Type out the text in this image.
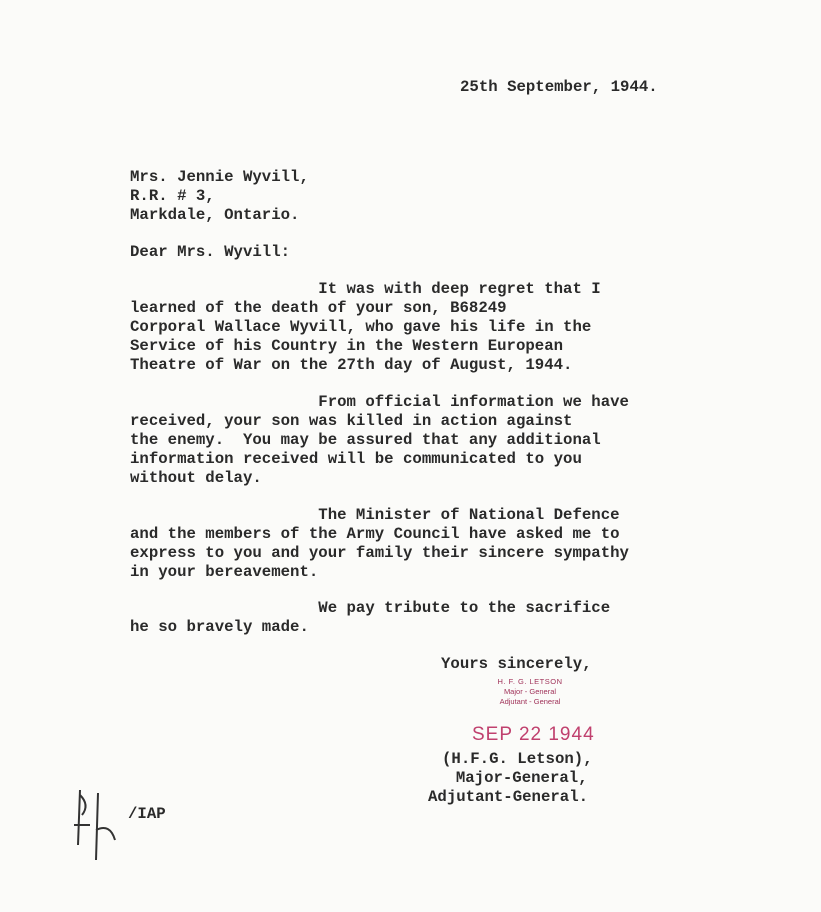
25th September, 1944.
Mrs. Jennie Wyvill,
R.R. # 3,
Markdale, Ontario.
Dear Mrs. Wyvill:
It was with deep regret that I
learned of the death of your son, B68249
Corporal Wallace Wyvill, who gave his life in the
Service of his Country in the Western European
Theatre of War on the 27th day of August, 1944.
From official information we have
received, your son was killed in action against
the enemy.  You may be assured that any additional
information received will be communicated to you
without delay.
The Minister of National Defence
and the members of the Army Council have asked me to
express to you and your family their sincere sympathy
in your bereavement.
We pay tribute to the sacrifice
he so bravely made.
Yours sincerely,
H. F. G. LETSON
Major - General
Adjutant - General
SEP 22 1944
(H.F.G. Letson),
Major-General,
Adjutant-General.
/IAP
